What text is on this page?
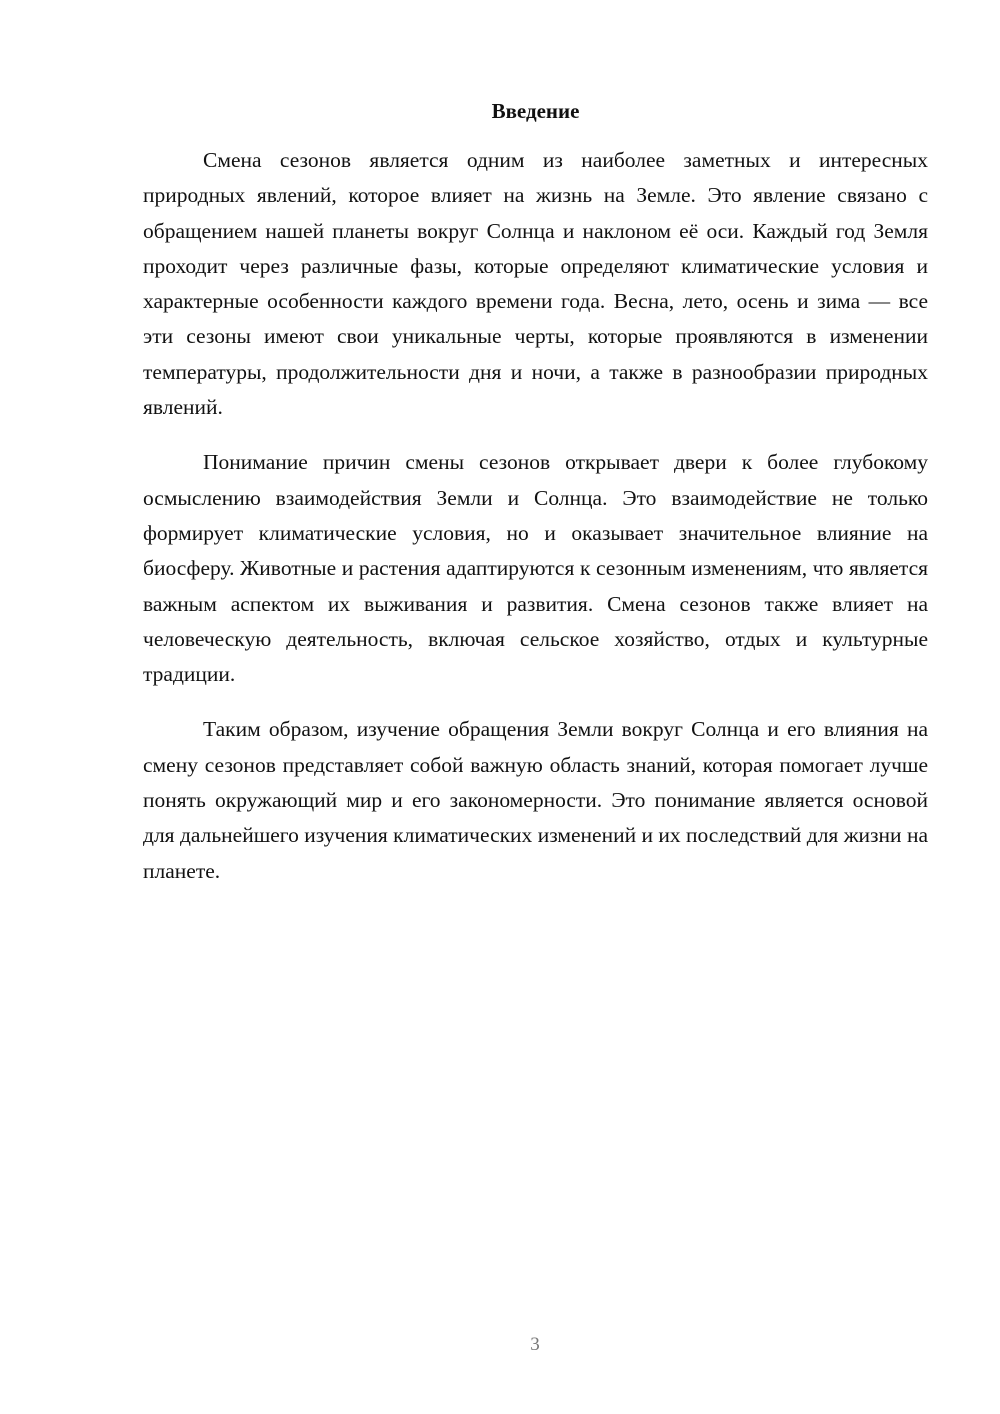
Введение

Смена сезонов является одним из наиболее заметных и интересных природных явлений, которое влияет на жизнь на Земле. Это явление связано с обращением нашей планеты вокруг Солнца и наклоном её оси. Каждый год Земля проходит через различные фазы, которые определяют климатические условия и характерные особенности каждого времени года. Весна, лето, осень и зима — все эти сезоны имеют свои уникальные черты, которые проявляются в изменении температуры, продолжительности дня и ночи, а также в разнообразии природных явлений.

Понимание причин смены сезонов открывает двери к более глубокому осмыслению взаимодействия Земли и Солнца. Это взаимодействие не только формирует климатические условия, но и оказывает значительное влияние на биосферу. Животные и растения адаптируются к сезонным изменениям, что является важным аспектом их выживания и развития. Смена сезонов также влияет на человеческую деятельность, включая сельское хозяйство, отдых и культурные традиции.

Таким образом, изучение обращения Земли вокруг Солнца и его влияния на смену сезонов представляет собой важную область знаний, которая помогает лучше понять окружающий мир и его закономерности. Это понимание является основой для дальнейшего изучения климатических изменений и их последствий для жизни на планете.

3
